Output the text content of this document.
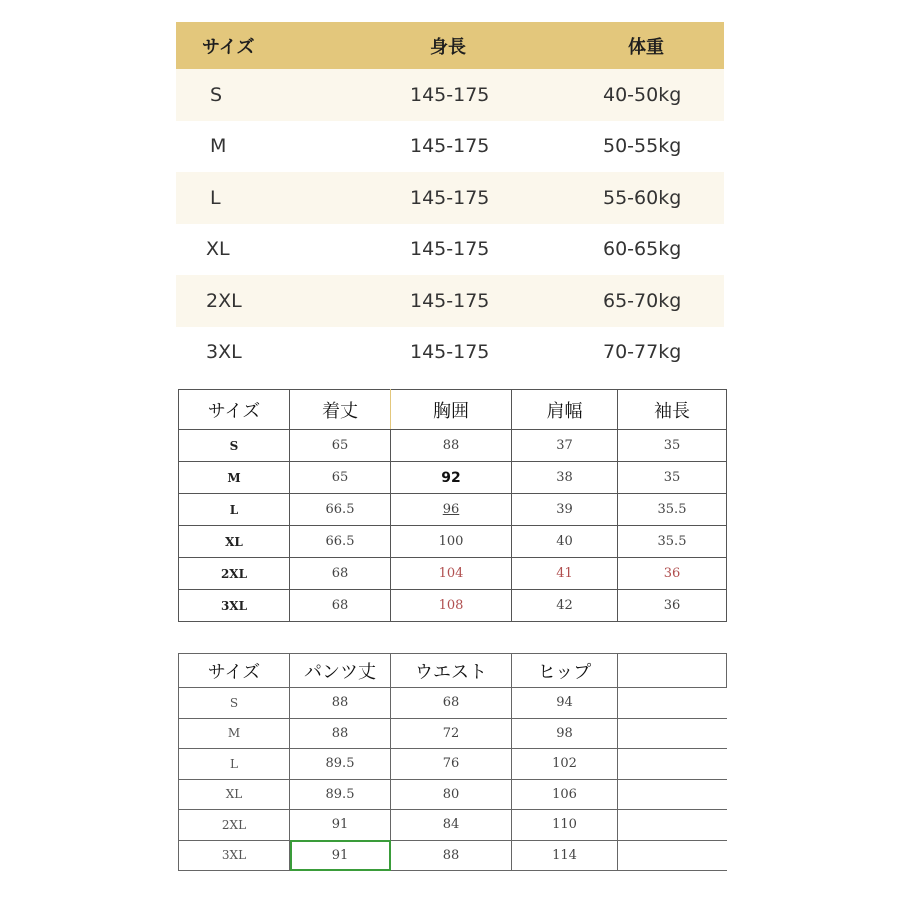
サイズ	身長	体重
S	145-175	40-50kg
M	145-175	50-55kg
L	145-175	55-60kg
XL	145-175	60-65kg
2XL	145-175	65-70kg
3XL	145-175	70-77kg
サイズ	着丈	胸囲	肩幅	袖長
S	65	88	37	35
M	65	92	38	35
L	66.5	96	39	35.5
XL	66.5	100	40	35.5
2XL	68	104	41	36
3XL	68	108	42	36
サイズ	パンツ丈	ウエスト	ヒップ	
S	88	68	94	
M	88	72	98	
L	89.5	76	102	
XL	89.5	80	106	
2XL	91	84	110	
3XL	91	88	114	
